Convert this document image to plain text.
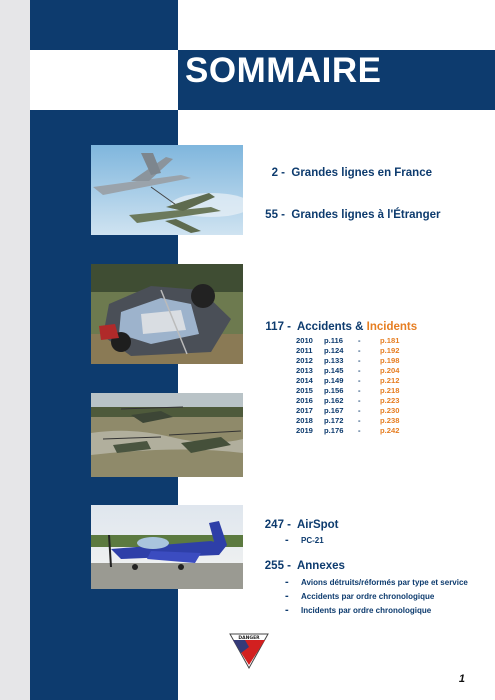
SOMMAIRE
2 - Grandes lignes en France
55 - Grandes lignes à l'Étranger
117 - Accidents & Incidents
2010 p.116 -	p.181
2011 p.124 -	p.192
2012 p.133 -	p.198
2013 p.145 -	p.204
2014 p.149 -	p.212
2015 p.156 -	p.218
2016 p.162 -	p.223
2017 p.167 -	p.230
2018 p.172 -	p.238
2019 p.176 -	p.242
247 - AirSpot
- PC-21
255 - Annexes
- Avions détruits/réformés par type et service
- Accidents par ordre chronologique
- Incidents par ordre chronologique
DANGER
1
